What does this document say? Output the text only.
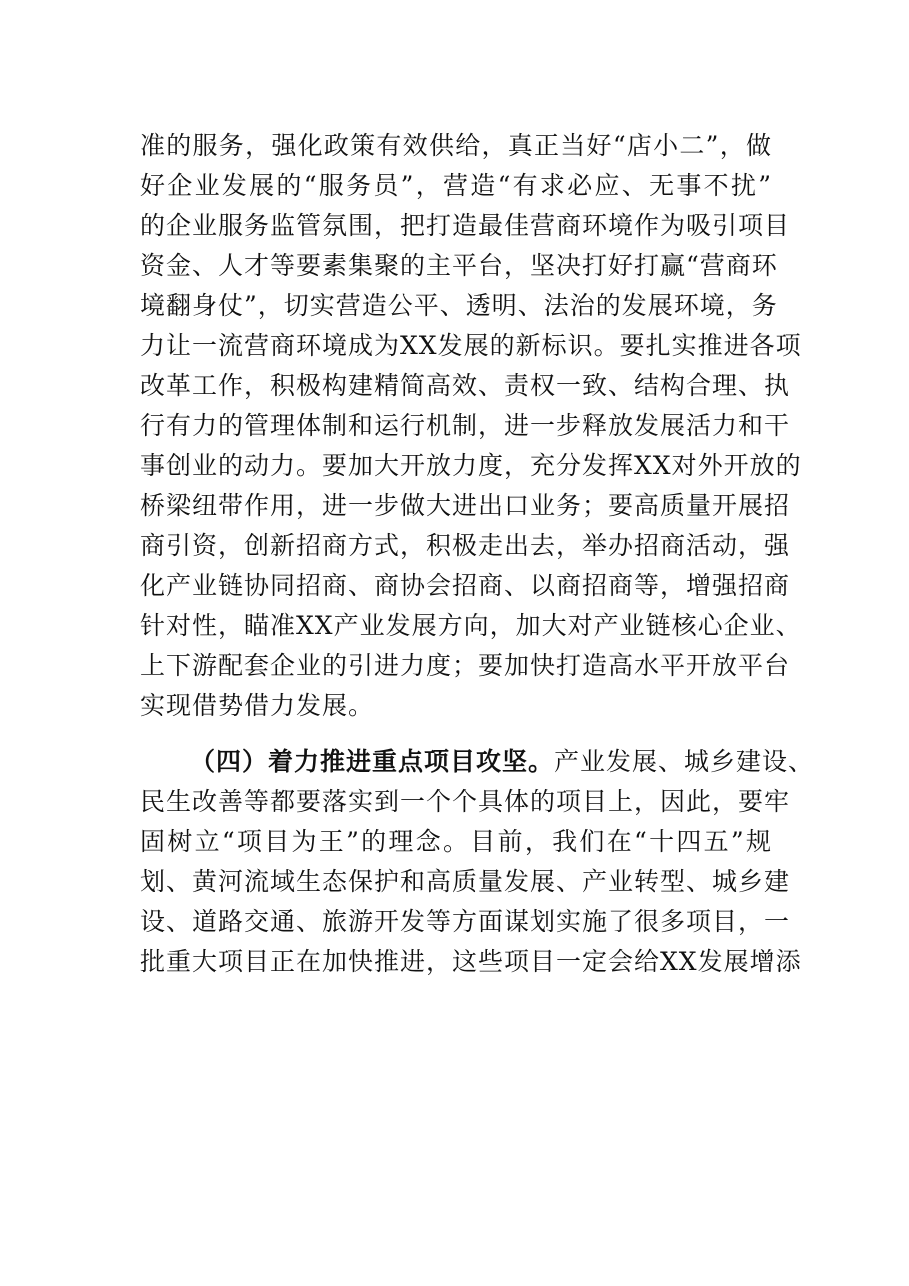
准的服务，强化政策有效供给，真正当好“店小二”，做
好企业发展的“服务员”，营造“有求必应、无事不扰”
的企业服务监管氛围，把打造最佳营商环境作为吸引项目
资金、人才等要素集聚的主平台，坚决打好打赢“营商环
境翻身仗”，切实营造公平、透明、法治的发展环境，务
力让一流营商环境成为XX发展的新标识。要扎实推进各项
改革工作，积极构建精简高效、责权一致、结构合理、执
行有力的管理体制和运行机制，进一步释放发展活力和干
事创业的动力。要加大开放力度，充分发挥XX对外开放的
桥梁纽带作用，进一步做大进出口业务；要高质量开展招
商引资，创新招商方式，积极走出去，举办招商活动，强
化产业链协同招商、商协会招商、以商招商等，增强招商
针对性，瞄准XX产业发展方向，加大对产业链核心企业、
上下游配套企业的引进力度；要加快打造高水平开放平台
实现借势借力发展。
（四）着力推进重点项目攻坚。产业发展、城乡建设、
民生改善等都要落实到一个个具体的项目上，因此，要牢
固树立“项目为王”的理念。目前，我们在“十四五”规
划、黄河流域生态保护和高质量发展、产业转型、城乡建
设、道路交通、旅游开发等方面谋划实施了很多项目，一
批重大项目正在加快推进，这些项目一定会给XX发展增添
